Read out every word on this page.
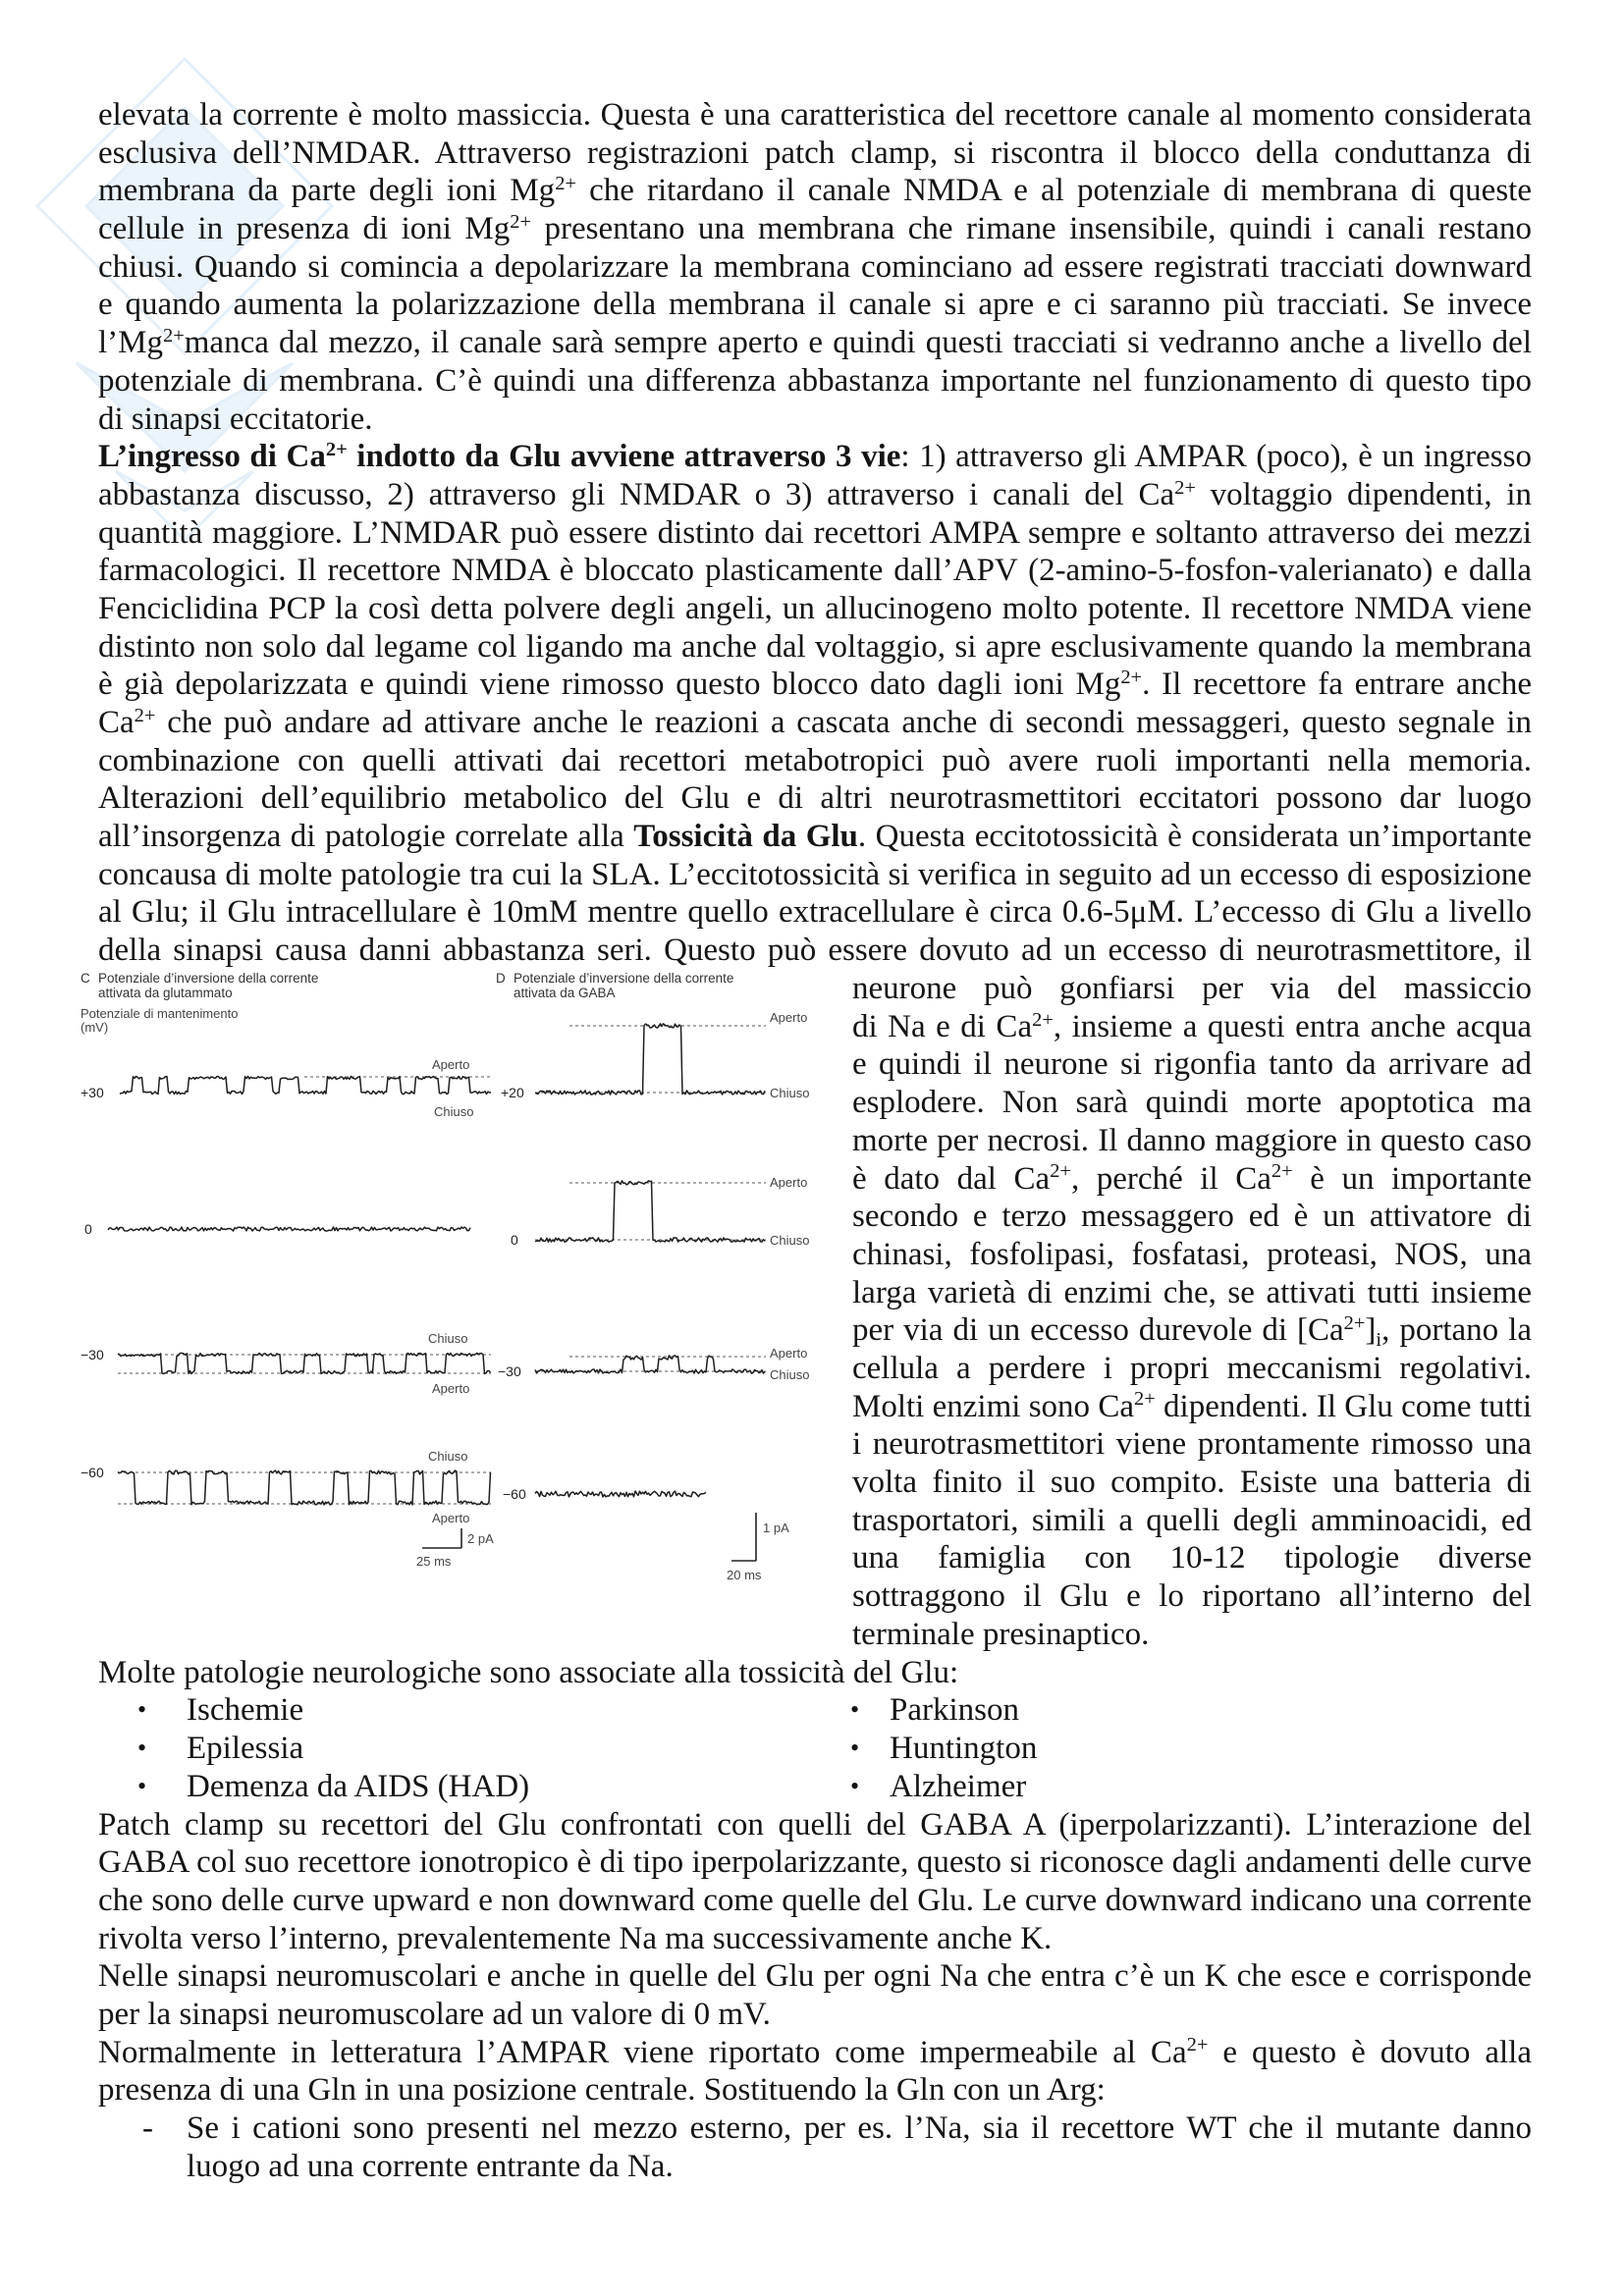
elevata la corrente è molto massiccia. Questa è una caratteristica del recettore canale al momento considerata
esclusiva dell’NMDAR. Attraverso registrazioni patch clamp, si riscontra il blocco della conduttanza di
membrana da parte degli ioni $Mg^{2+}$ che ritardano il canale NMDA e al potenziale di membrana di queste
cellule in presenza di ioni $Mg^{2+}$ presentano una membrana che rimane insensibile, quindi i canali restano
chiusi. Quando si comincia a depolarizzare la membrana cominciano ad essere registrati tracciati downward
e quando aumenta la polarizzazione della membrana il canale si apre e ci saranno più tracciati. Se invece
$l’Mg^{2+}manca$ dal mezzo, il canale sarà sempre aperto e quindi questi tracciati si vedranno anche a livello del
potenziale di membrana. C’è quindi una differenza abbastanza importante nel funzionamento di questo tipo
di sinapsi eccitatorie.
L’ingresso di $Ca^{2+}$ indotto da Glu avviene attraverso 3 vie: 1) attraverso gli AMPAR (poco), è un ingresso
abbastanza discusso, 2) attraverso gli NMDAR o 3) attraverso i canali del $Ca^{2+}$ voltaggio dipendenti, in
quantità maggiore. L’NMDAR può essere distinto dai recettori AMPA sempre e soltanto attraverso dei mezzi
farmacologici. Il recettore NMDA è bloccato plasticamente dall’APV (2-amino-5-fosfon-valerianato) e dalla
Fenciclidina PCP la così detta polvere degli angeli, un allucinogeno molto potente. Il recettore NMDA viene
distinto non solo dal legame col ligando ma anche dal voltaggio, si apre esclusivamente quando la membrana
è già depolarizzata e quindi viene rimosso questo blocco dato dagli ioni $Mg^{2+}$. Il recettore fa entrare anche
$Ca^{2+}$ che può andare ad attivare anche le reazioni a cascata anche di secondi messaggeri, questo segnale in
combinazione con quelli attivati dai recettori metabotropici può avere ruoli importanti nella memoria.
Alterazioni dell’equilibrio metabolico del Glu e di altri neurotrasmettitori eccitatori possono dar luogo
all’insorgenza di patologie correlate alla Tossicità da Glu. Questa eccitotossicità è considerata un’importante
concausa di molte patologie tra cui la SLA. L’eccitotossicità si verifica in seguito ad un eccesso di esposizione
al Glu; il Glu intracellulare è 10mM mentre quello extracellulare è circa 0.6-5μM. L’eccesso di Glu a livello
della sinapsi causa danni abbastanza seri. Questo può essere dovuto ad un eccesso di neurotrasmettitore, il
C Potenziale d’inversione della corrente
attivata da glutammato
Potenziale di mantenimento
(mV)
+30
Aperto
Chiuso
0
−30
Chiuso
Aperto
−60
Chiuso
Aperto
2 pA
25 ms
D Potenziale d’inversione della corrente
attivata da GABA
+20
Aperto
Chiuso
0
Aperto
Chiuso
−30
Aperto
Chiuso
−60
1 pA
20 ms
neurone può gonfiarsi per via del massiccio
di Na e di $Ca^{2+}$, insieme a questi entra anche acqua
e quindi il neurone si rigonfia tanto da arrivare ad
esplodere. Non sarà quindi morte apoptotica ma
morte per necrosi. Il danno maggiore in questo caso
è dato dal $Ca^{2+}$, perché il $Ca^{2+}$ è un importante
secondo e terzo messaggero ed è un attivatore di
chinasi, fosfolipasi, fosfatasi, proteasi, NOS, una
larga varietà di enzimi che, se attivati tutti insieme
per via di un eccesso durevole di $[Ca^{2+}]_i$, portano la
cellula a perdere i propri meccanismi regolativi.
Molti enzimi sono $Ca^{2+}$ dipendenti. Il Glu come tutti
i neurotrasmettitori viene prontamente rimosso una
volta finito il suo compito. Esiste una batteria di
trasportatori, simili a quelli degli amminoacidi, ed
una famiglia con 10-12 tipologie diverse
sottraggono il Glu e lo riportano all’interno del
terminale presinaptico.
Molte patologie neurologiche sono associate alla tossicità del Glu:
• Ischemie
• Epilessia
• Demenza da AIDS (HAD)
• Parkinson
• Huntington
• Alzheimer
Patch clamp su recettori del Glu confrontati con quelli del GABA A (iperpolarizzanti). L’interazione del
GABA col suo recettore ionotropico è di tipo iperpolarizzante, questo si riconosce dagli andamenti delle curve
che sono delle curve upward e non downward come quelle del Glu. Le curve downward indicano una corrente
rivolta verso l’interno, prevalentemente Na ma successivamente anche K.
Nelle sinapsi neuromuscolari e anche in quelle del Glu per ogni Na che entra c’è un K che esce e corrisponde
per la sinapsi neuromuscolare ad un valore di 0 mV.
Normalmente in letteratura l’AMPAR viene riportato come impermeabile al $Ca^{2+}$ e questo è dovuto alla
presenza di una Gln in una posizione centrale. Sostituendo la Gln con un Arg:
- Se i cationi sono presenti nel mezzo esterno, per es. l’Na, sia il recettore WT che il mutante danno
luogo ad una corrente entrante da Na.
